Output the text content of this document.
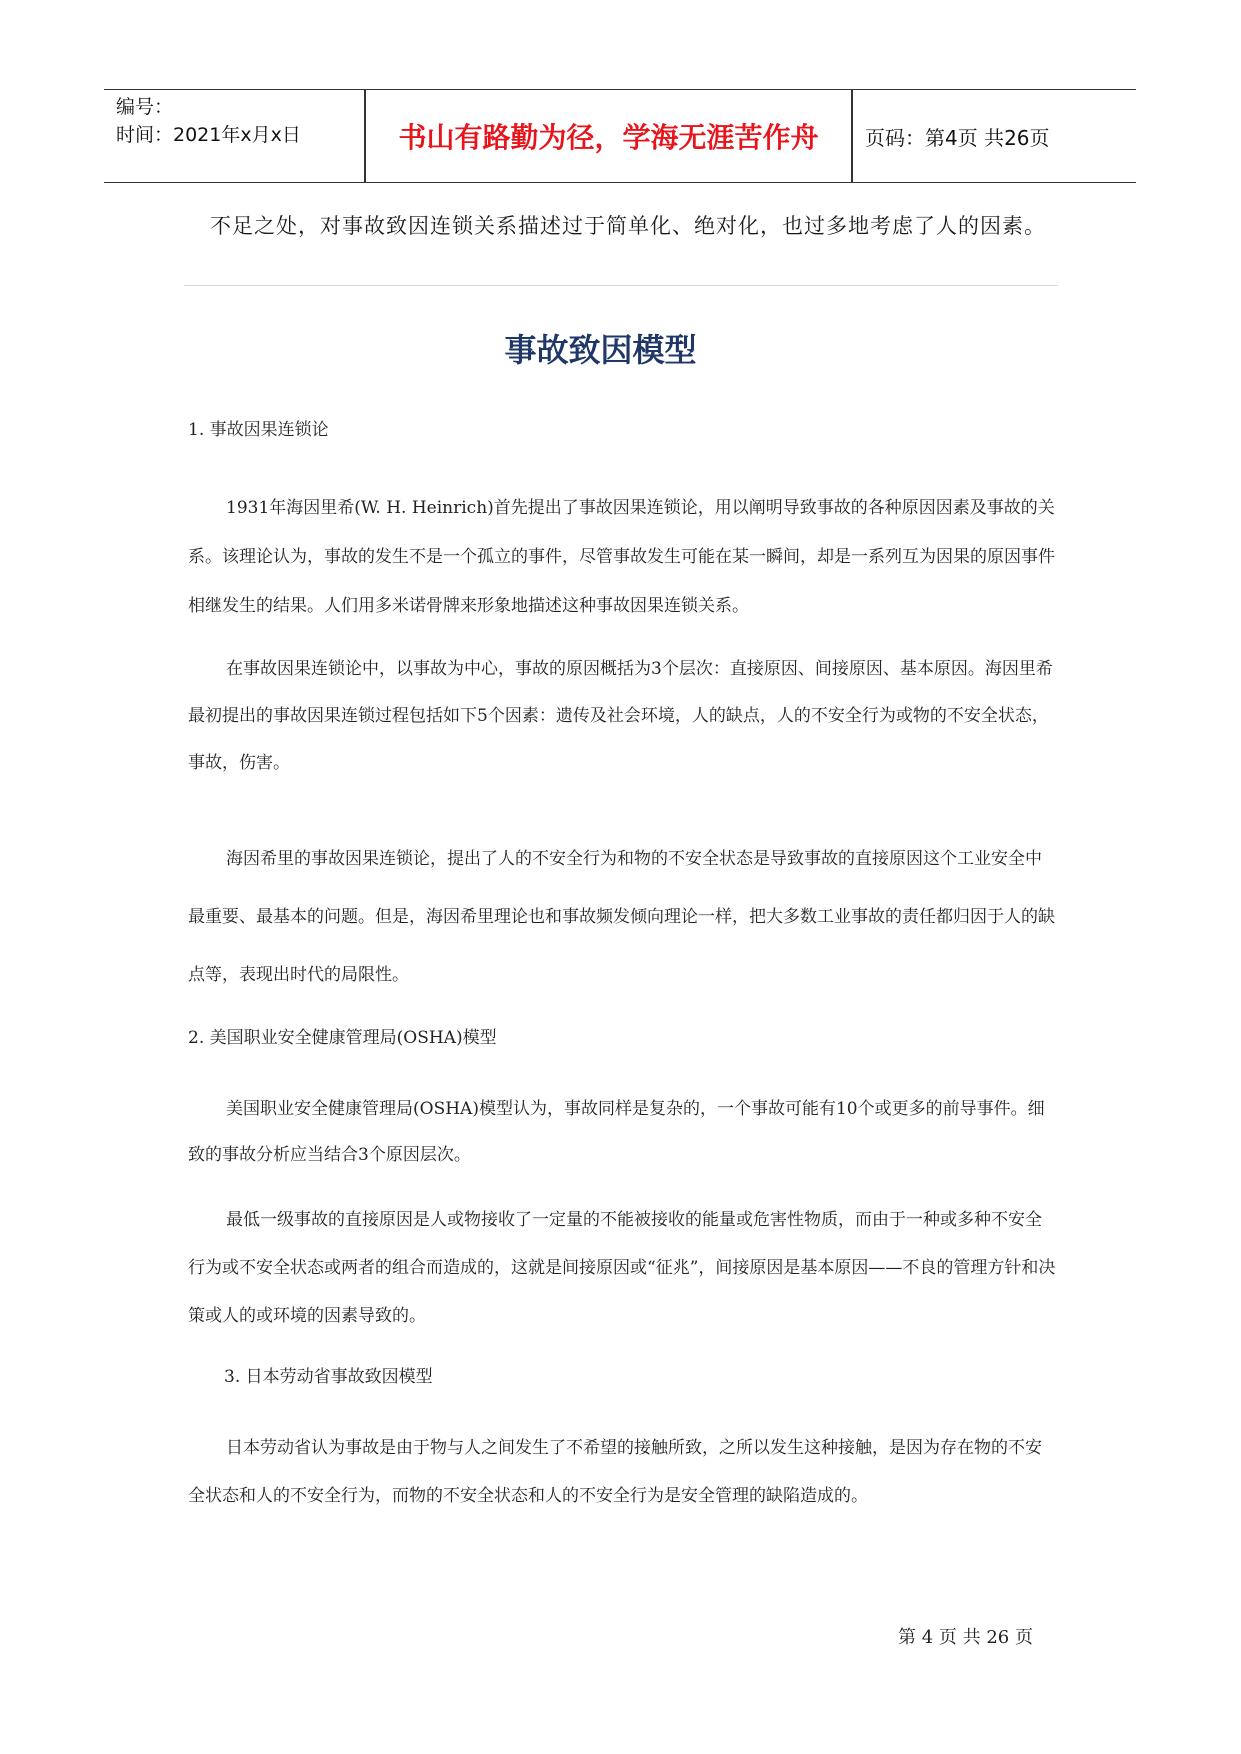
编号：
时间：2021年x月x日	书山有路勤为径，学海无涯苦作舟	页码：第4页 共26页
不足之处，对事故致因连锁关系描述过于简单化、绝对化，也过多地考虑了人的因素。
事故致因模型
1. 事故因果连锁论
1931年海因里希(W. H. Heinrich)首先提出了事故因果连锁论，用以阐明导致事故的各种原因因素及事故的关系。该理论认为，事故的发生不是一个孤立的事件，尽管事故发生可能在某一瞬间，却是一系列互为因果的原因事件相继发生的结果。人们用多米诺骨牌来形象地描述这种事故因果连锁关系。
在事故因果连锁论中，以事故为中心，事故的原因概括为3个层次：直接原因、间接原因、基本原因。海因里希最初提出的事故因果连锁过程包括如下5个因素：遗传及社会环境，人的缺点，人的不安全行为或物的不安全状态，事故，伤害。
海因希里的事故因果连锁论，提出了人的不安全行为和物的不安全状态是导致事故的直接原因这个工业安全中最重要、最基本的问题。但是，海因希里理论也和事故频发倾向理论一样，把大多数工业事故的责任都归因于人的缺点等，表现出时代的局限性。
2. 美国职业安全健康管理局(OSHA)模型
美国职业安全健康管理局(OSHA)模型认为，事故同样是复杂的，一个事故可能有10个或更多的前导事件。细致的事故分析应当结合3个原因层次。
最低一级事故的直接原因是人或物接收了一定量的不能被接收的能量或危害性物质，而由于一种或多种不安全行为或不安全状态或两者的组合而造成的，这就是间接原因或“征兆”，间接原因是基本原因——不良的管理方针和决策或人的或环境的因素导致的。
3. 日本劳动省事故致因模型
日本劳动省认为事故是由于物与人之间发生了不希望的接触所致，之所以发生这种接触，是因为存在物的不安全状态和人的不安全行为，而物的不安全状态和人的不安全行为是安全管理的缺陷造成的。
第 4 页 共 26 页
